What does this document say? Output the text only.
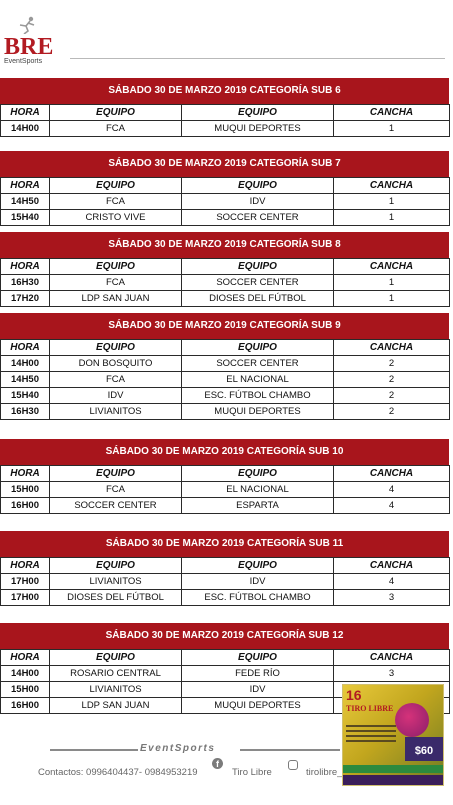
BRE
EventSports
SÁBADO 30 DE MARZO 2019 CATEGORÍA SUB 6
HORA	EQUIPO	EQUIPO	CANCHA
14H00	FCA	MUQUI DEPORTES	1
SÁBADO 30 DE MARZO 2019 CATEGORÍA SUB 7
HORA	EQUIPO	EQUIPO	CANCHA
14H50	FCA	IDV	1
15H40	CRISTO VIVE	SOCCER CENTER	1
SÁBADO 30 DE MARZO 2019 CATEGORÍA SUB 8
HORA	EQUIPO	EQUIPO	CANCHA
16H30	FCA	SOCCER CENTER	1
17H20	LDP SAN JUAN	DIOSES DEL FÚTBOL	1
SÁBADO 30 DE MARZO 2019 CATEGORÍA SUB 9
HORA	EQUIPO	EQUIPO	CANCHA
14H00	DON BOSQUITO	SOCCER CENTER	2
14H50	FCA	EL NACIONAL	2
15H40	IDV	ESC. FÚTBOL CHAMBO	2
16H30	LIVIANITOS	MUQUI DEPORTES	2
SÁBADO 30 DE MARZO 2019 CATEGORÍA SUB 10
HORA	EQUIPO	EQUIPO	CANCHA
15H00	FCA	EL NACIONAL	4
16H00	SOCCER CENTER	ESPARTA	4
SÁBADO 30 DE MARZO 2019 CATEGORÍA SUB 11
HORA	EQUIPO	EQUIPO	CANCHA
17H00	LIVIANITOS	IDV	4
17H00	DIOSES DEL FÚTBOL	ESC. FÚTBOL CHAMBO	3
SÁBADO 30 DE MARZO 2019 CATEGORÍA SUB 12
HORA	EQUIPO	EQUIPO	CANCHA
14H00	ROSARIO CENTRAL	FEDE RÍO	3
15H00	LIVIANITOS	IDV	
16H00	LDP SAN JUAN	MUQUI DEPORTES	
EventSports
Contactos: 0996404437- 0984953219
f
Tiro Libre	tirolibre_
16
TIRO LIBRE
$60
